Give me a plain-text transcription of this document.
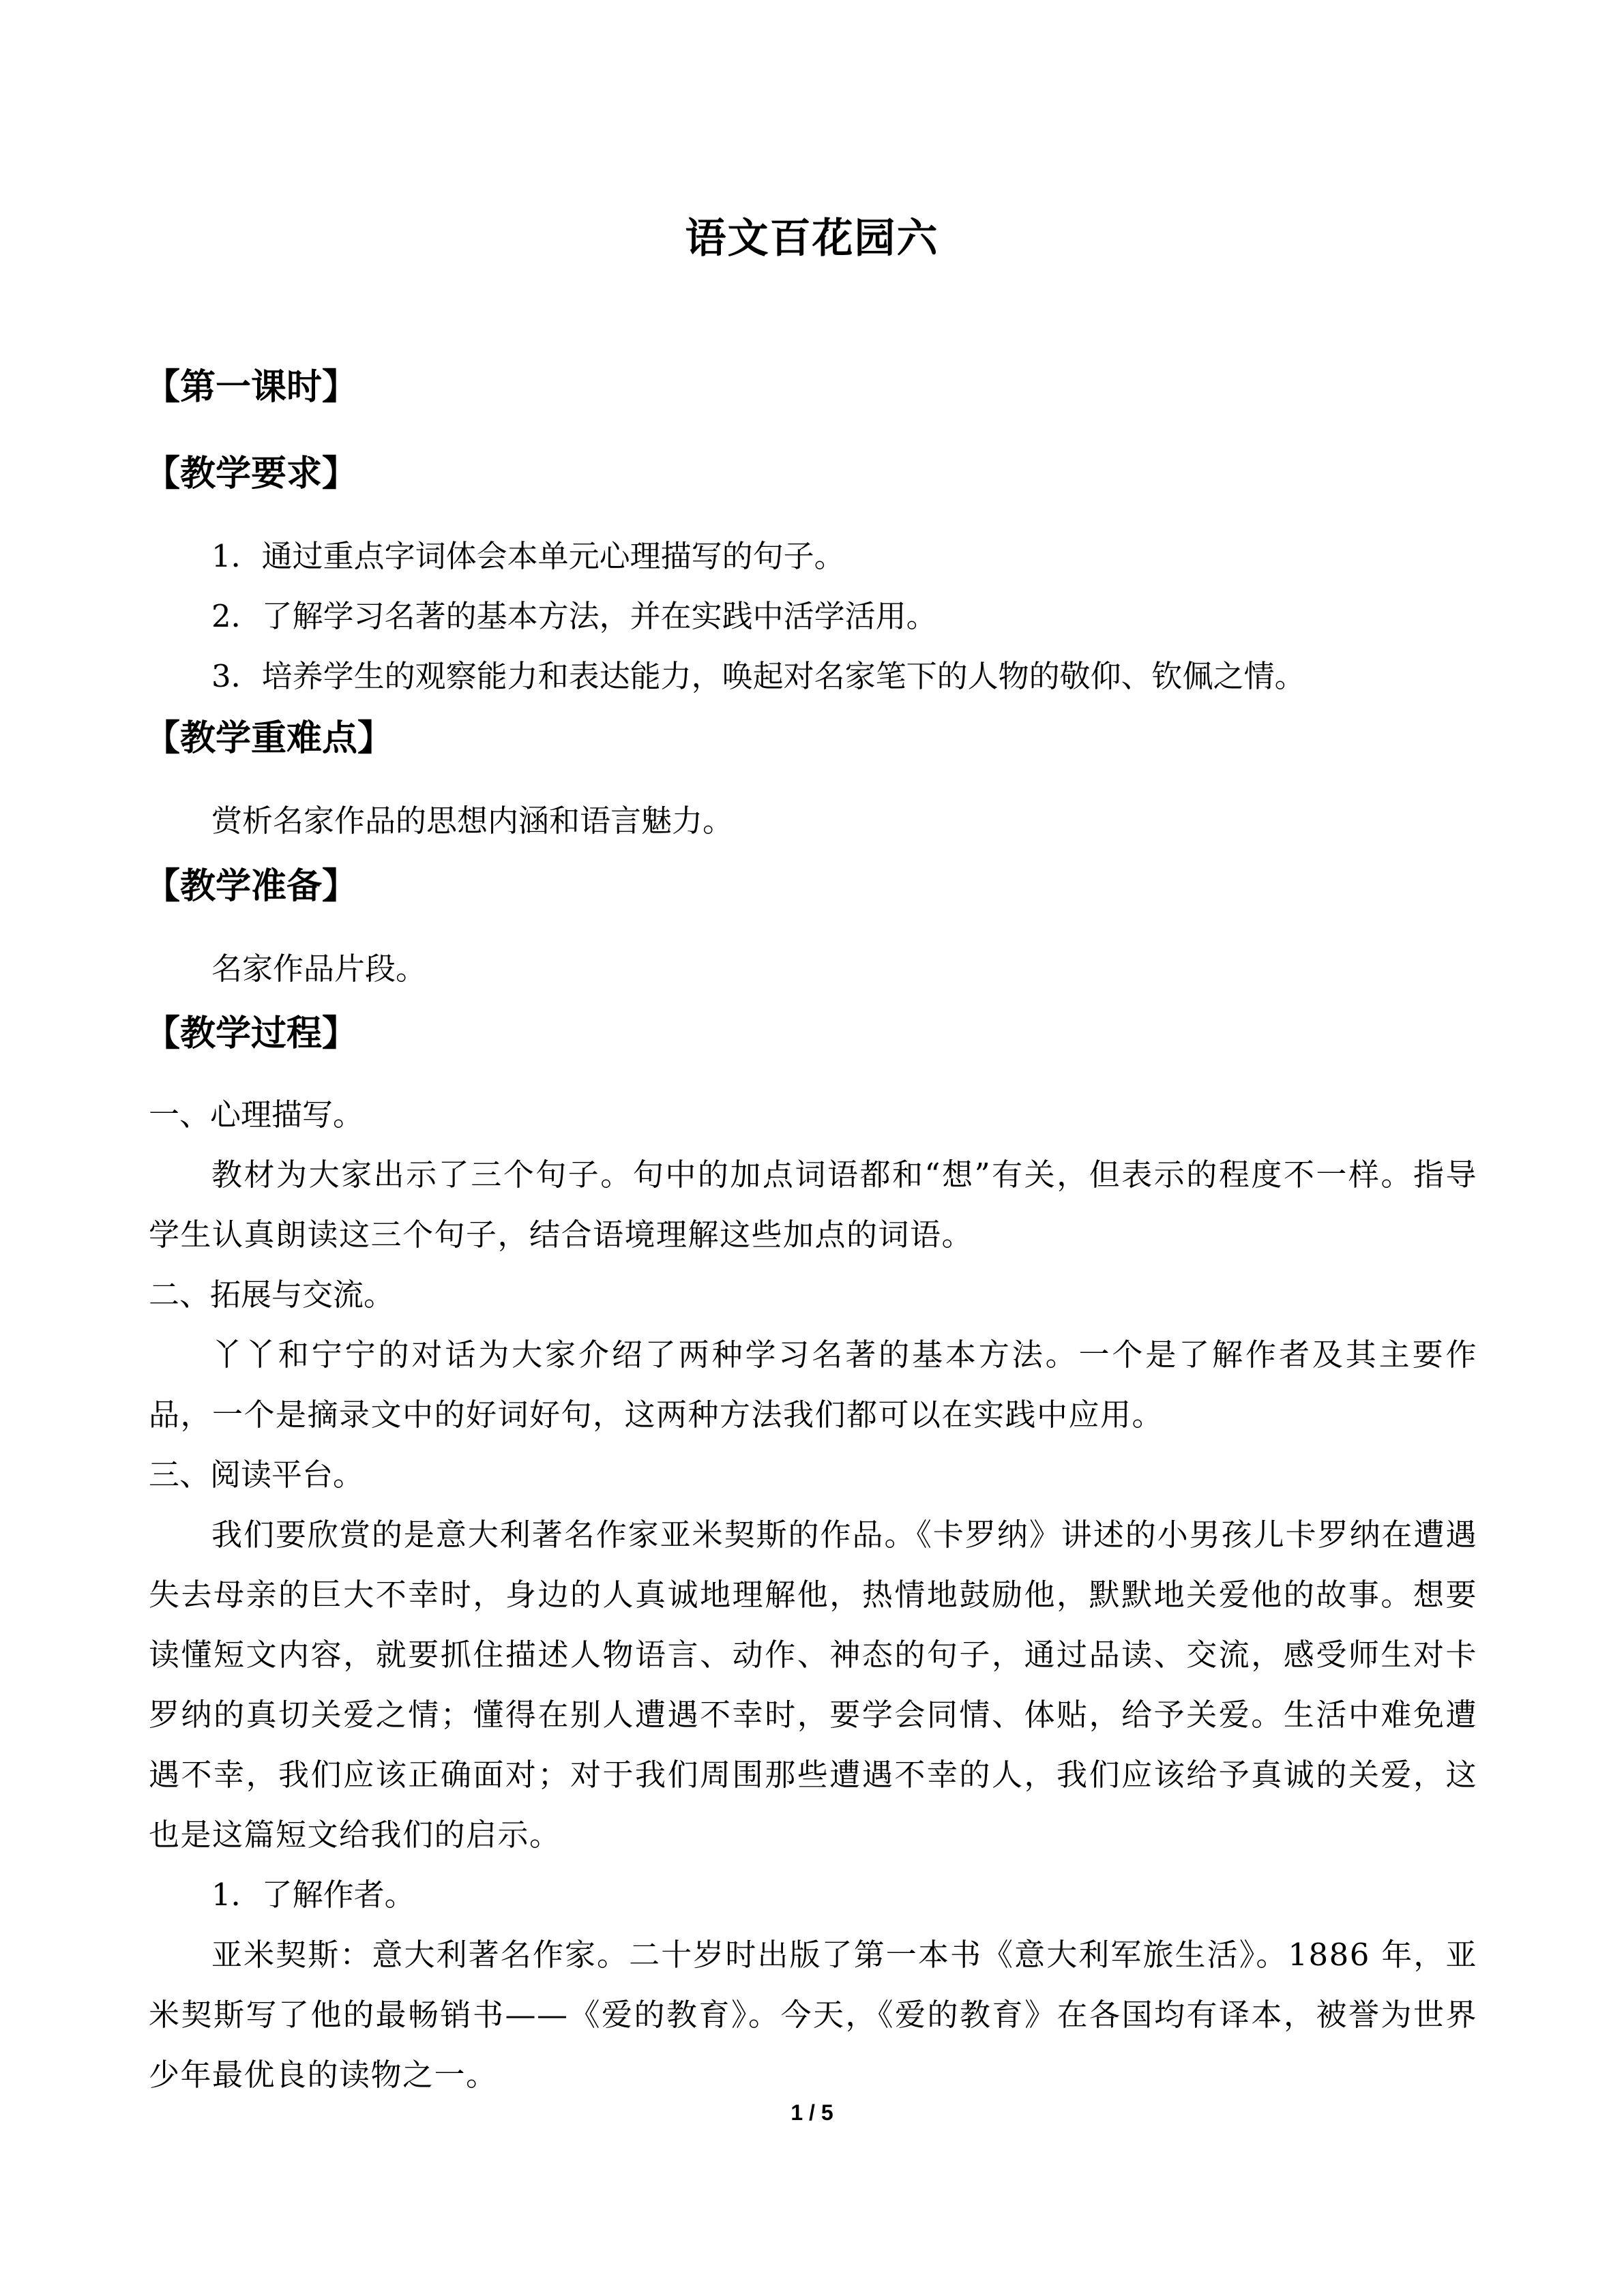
语文百花园六
【第一课时】
【教学要求】
1．通过重点字词体会本单元心理描写的句子。
2．了解学习名著的基本方法，并在实践中活学活用。
3．培养学生的观察能力和表达能力，唤起对名家笔下的人物的敬仰、钦佩之情。
【教学重难点】
赏析名家作品的思想内涵和语言魅力。
【教学准备】
名家作品片段。
【教学过程】
一、心理描写。
教材为大家出示了三个句子。句中的加点词语都和“想”有关，但表示的程度不一样。指导学生认真朗读这三个句子，结合语境理解这些加点的词语。
二、拓展与交流。
丫丫和宁宁的对话为大家介绍了两种学习名著的基本方法。一个是了解作者及其主要作品，一个是摘录文中的好词好句，这两种方法我们都可以在实践中应用。
三、阅读平台。
我们要欣赏的是意大利著名作家亚米契斯的作品。《卡罗纳》讲述的小男孩儿卡罗纳在遭遇失去母亲的巨大不幸时，身边的人真诚地理解他，热情地鼓励他，默默地关爱他的故事。想要读懂短文内容，就要抓住描述人物语言、动作、神态的句子，通过品读、交流，感受师生对卡罗纳的真切关爱之情；懂得在别人遭遇不幸时，要学会同情、体贴，给予关爱。生活中难免遭遇不幸，我们应该正确面对；对于我们周围那些遭遇不幸的人，我们应该给予真诚的关爱，这也是这篇短文给我们的启示。
1．了解作者。
亚米契斯：意大利著名作家。二十岁时出版了第一本书《意大利军旅生活》。1886 年，亚米契斯写了他的最畅销书——《爱的教育》。今天，《爱的教育》在各国均有译本，被誉为世界少年最优良的读物之一。
1 / 5
